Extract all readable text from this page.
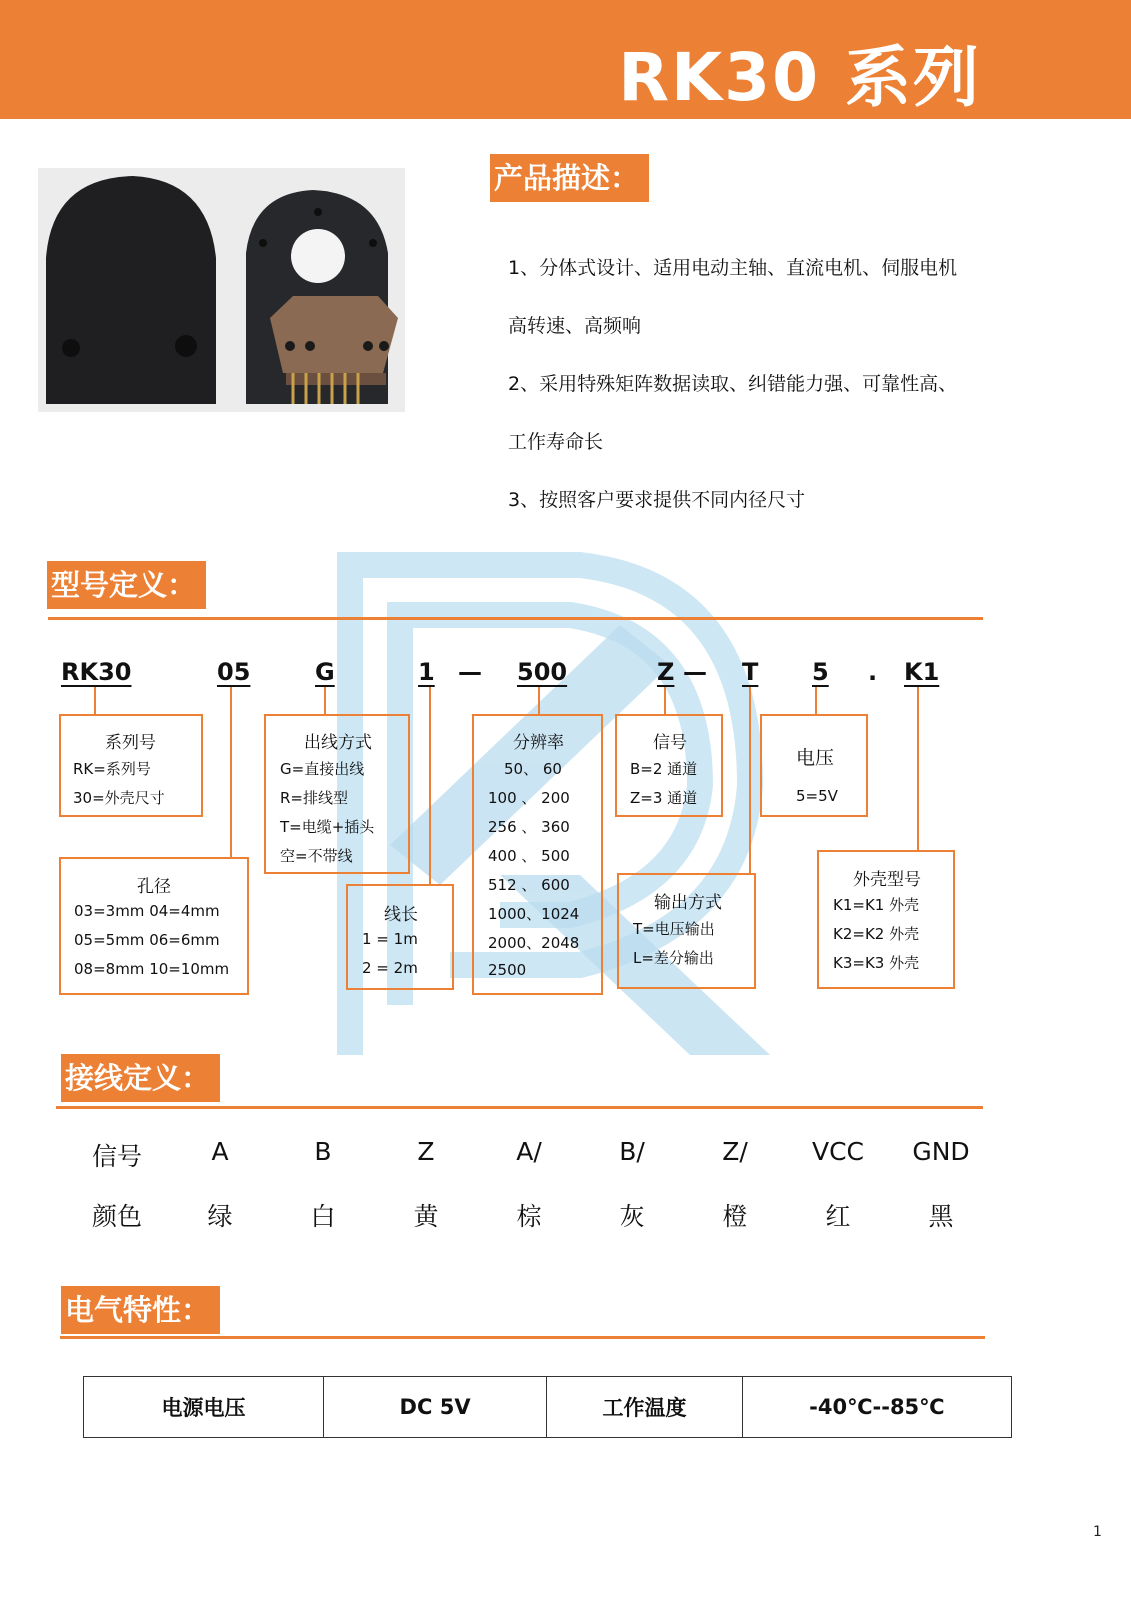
RK30 系列
产品描述：
1、分体式设计、适用电动主轴、直流电机、伺服电机
高转速、高频响
2、采用特殊矩阵数据读取、纠错能力强、可靠性高、
工作寿命长
3、按照客户要求提供不同内径尺寸
型号定义：
RK30	05	G	1 — 500	Z — T 5 . K1
系列号
RK=系列号
30=外壳尺寸
孔径
03=3mm 04=4mm
05=5mm 06=6mm
08=8mm 10=10mm
出线方式
G=直接出线
R=排线型
T=电缆+插头
空=不带线
线长
1 = 1m
2 = 2m
分辨率
50、 60
100 、 200
256 、 360
400 、 500
512 、 600
1000、1024
2000、2048
2500
信号
B=2 通道
Z=3 通道
输出方式
T=电压输出
L=差分输出
电压
5=5V
外壳型号
K1=K1 外壳
K2=K2 外壳
K3=K3 外壳
接线定义：
信号	A	B	Z	A/	B/	Z/	VCC	GND
颜色	绿	白	黄	棕	灰	橙	红	黑
电气特性：
电源电压	DC 5V	工作温度	-40℃--85℃
1
